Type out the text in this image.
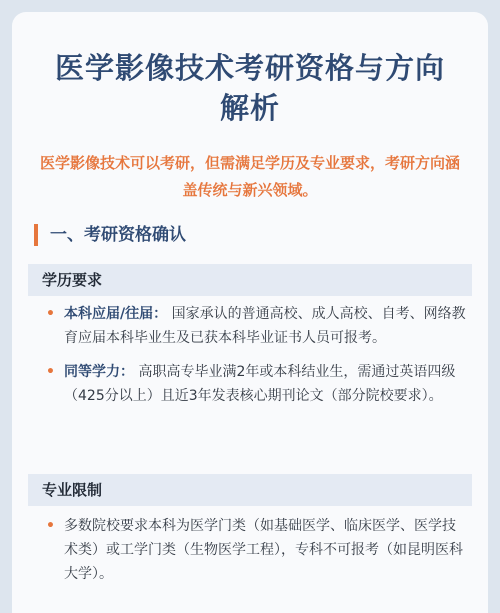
医学影像技术考研资格与方向
解析
医学影像技术可以考研，但需满足学历及专业要求，考研方向涵盖传统与新兴领域。
一、考研资格确认
学历要求
• 本科应届/往届： 国家承认的普通高校、成人高校、自考、网络教育应届本科毕业生及已获本科毕业证书人员可报考。
• 同等学力： 高职高专毕业满2年或本科结业生，需通过英语四级（425分以上）且近3年发表核心期刊论文（部分院校要求）。
专业限制
• 多数院校要求本科为医学门类（如基础医学、临床医学、医学技术类）或工学门类（生物医学工程），专科不可报考（如昆明医科大学）。
